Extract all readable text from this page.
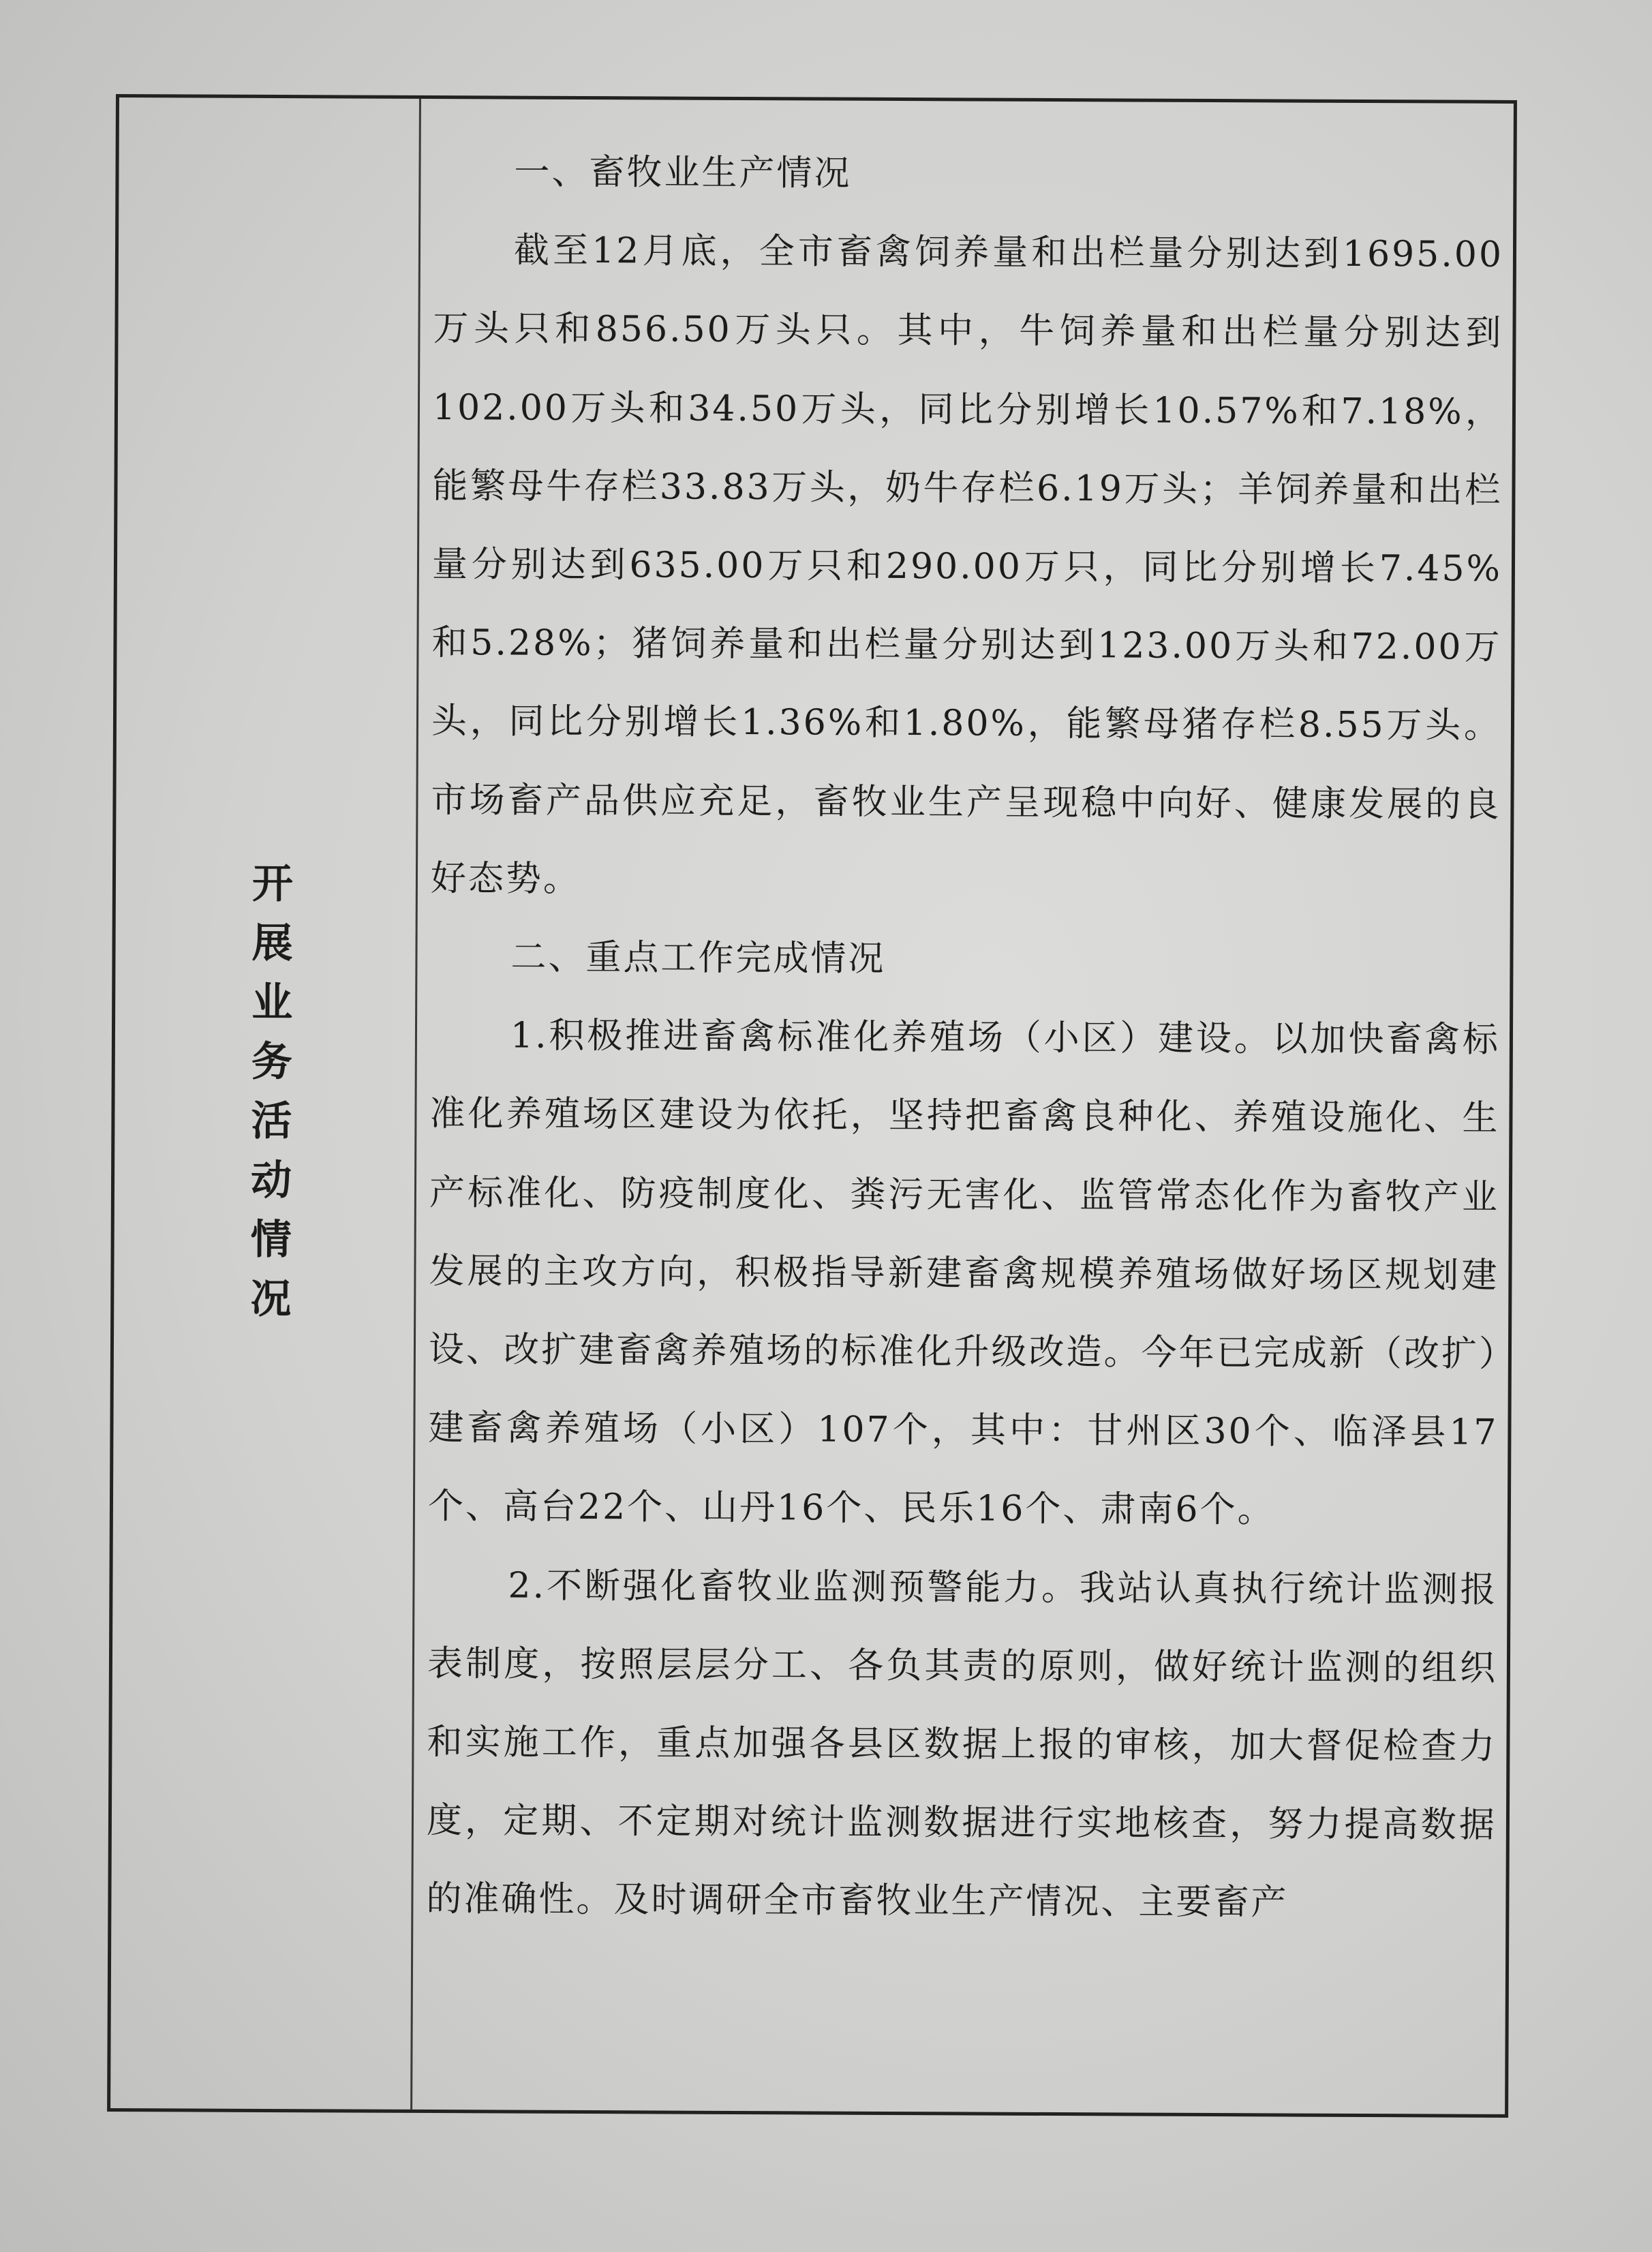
开
展
业
务
活
动
情
况

一、畜牧业生产情况

截至12月底，全市畜禽饲养量和出栏量分别达到1695.00万头只和856.50万头只。其中，牛饲养量和出栏量分别达到102.00万头和34.50万头，同比分别增长10.57%和7.18%，能繁母牛存栏33.83万头，奶牛存栏6.19万头；羊饲养量和出栏量分别达到635.00万只和290.00万只，同比分别增长7.45%和5.28%；猪饲养量和出栏量分别达到123.00万头和72.00万头，同比分别增长1.36%和1.80%，能繁母猪存栏8.55万头。市场畜产品供应充足，畜牧业生产呈现稳中向好、健康发展的良好态势。

二、重点工作完成情况

1.积极推进畜禽标准化养殖场（小区）建设。以加快畜禽标准化养殖场区建设为依托，坚持把畜禽良种化、养殖设施化、生产标准化、防疫制度化、粪污无害化、监管常态化作为畜牧产业发展的主攻方向，积极指导新建畜禽规模养殖场做好场区规划建设、改扩建畜禽养殖场的标准化升级改造。今年已完成新（改扩）建畜禽养殖场（小区）107个，其中：甘州区30个、临泽县17个、高台22个、山丹16个、民乐16个、肃南6个。

2.不断强化畜牧业监测预警能力。我站认真执行统计监测报表制度，按照层层分工、各负其责的原则，做好统计监测的组织和实施工作，重点加强各县区数据上报的审核，加大督促检查力度，定期、不定期对统计监测数据进行实地核查，努力提高数据的准确性。及时调研全市畜牧业生产情况、主要畜产
